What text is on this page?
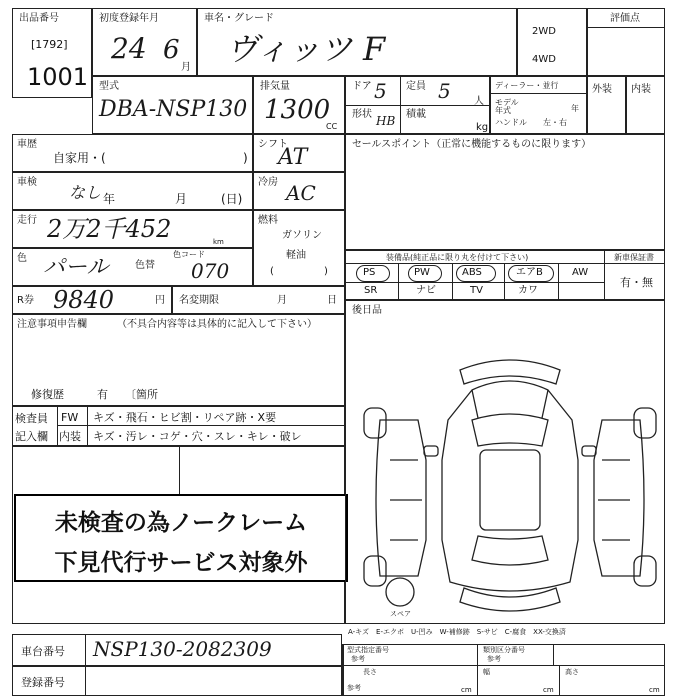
出品番号
[1792]
1001
初度登録年月
24 6
月
車名・グレード
ヴィッツ F	2WD
4WD
評価点
型式
DBA-NSP130
排気量
1300
CC
ドア 5 定員 5 人
形状 HB 積載
kg
ディーラー・並行
モデル年式	年
ハンドル 左・右
外装 内装
車歴
自家用・(	)
車検
なし 年	月	(日)
走行 2万2千452	km
色 パール	色替
色コード
070
シフト
AT
冷房 AC
燃料
ガソリン
軽油
(	)
R券 9840	円 名変期限	月	日
注意事項申告欄	（不具合内容等は具体的に記入して下さい）
修復歴	有 〔箇所
検査員
記入欄
FW キズ・飛石・ヒビ割・リペア跡・X要
内装 キズ・汚レ・コゲ・穴・スレ・キレ・破レ
未検査の為ノークレーム
下見代行サービス対象外
セールスポイント（正常に機能するものに限ります）
装備品(純正品に限り丸を付けて下さい)	新車保証書
PS	PW	ABS	エアB	AW
SR	ナビ	TV	カワ
有・無
後日品
A-キズ　E-エクボ　U-凹み　W-補修跡　S-サビ　C-腐食　XX-交換済
スペア
車台番号 NSP130-2082309
登録番号
型式指定番号
参考
類別区分番号
参考
長さ
参考	cm
幅
cm
高さ
cm
